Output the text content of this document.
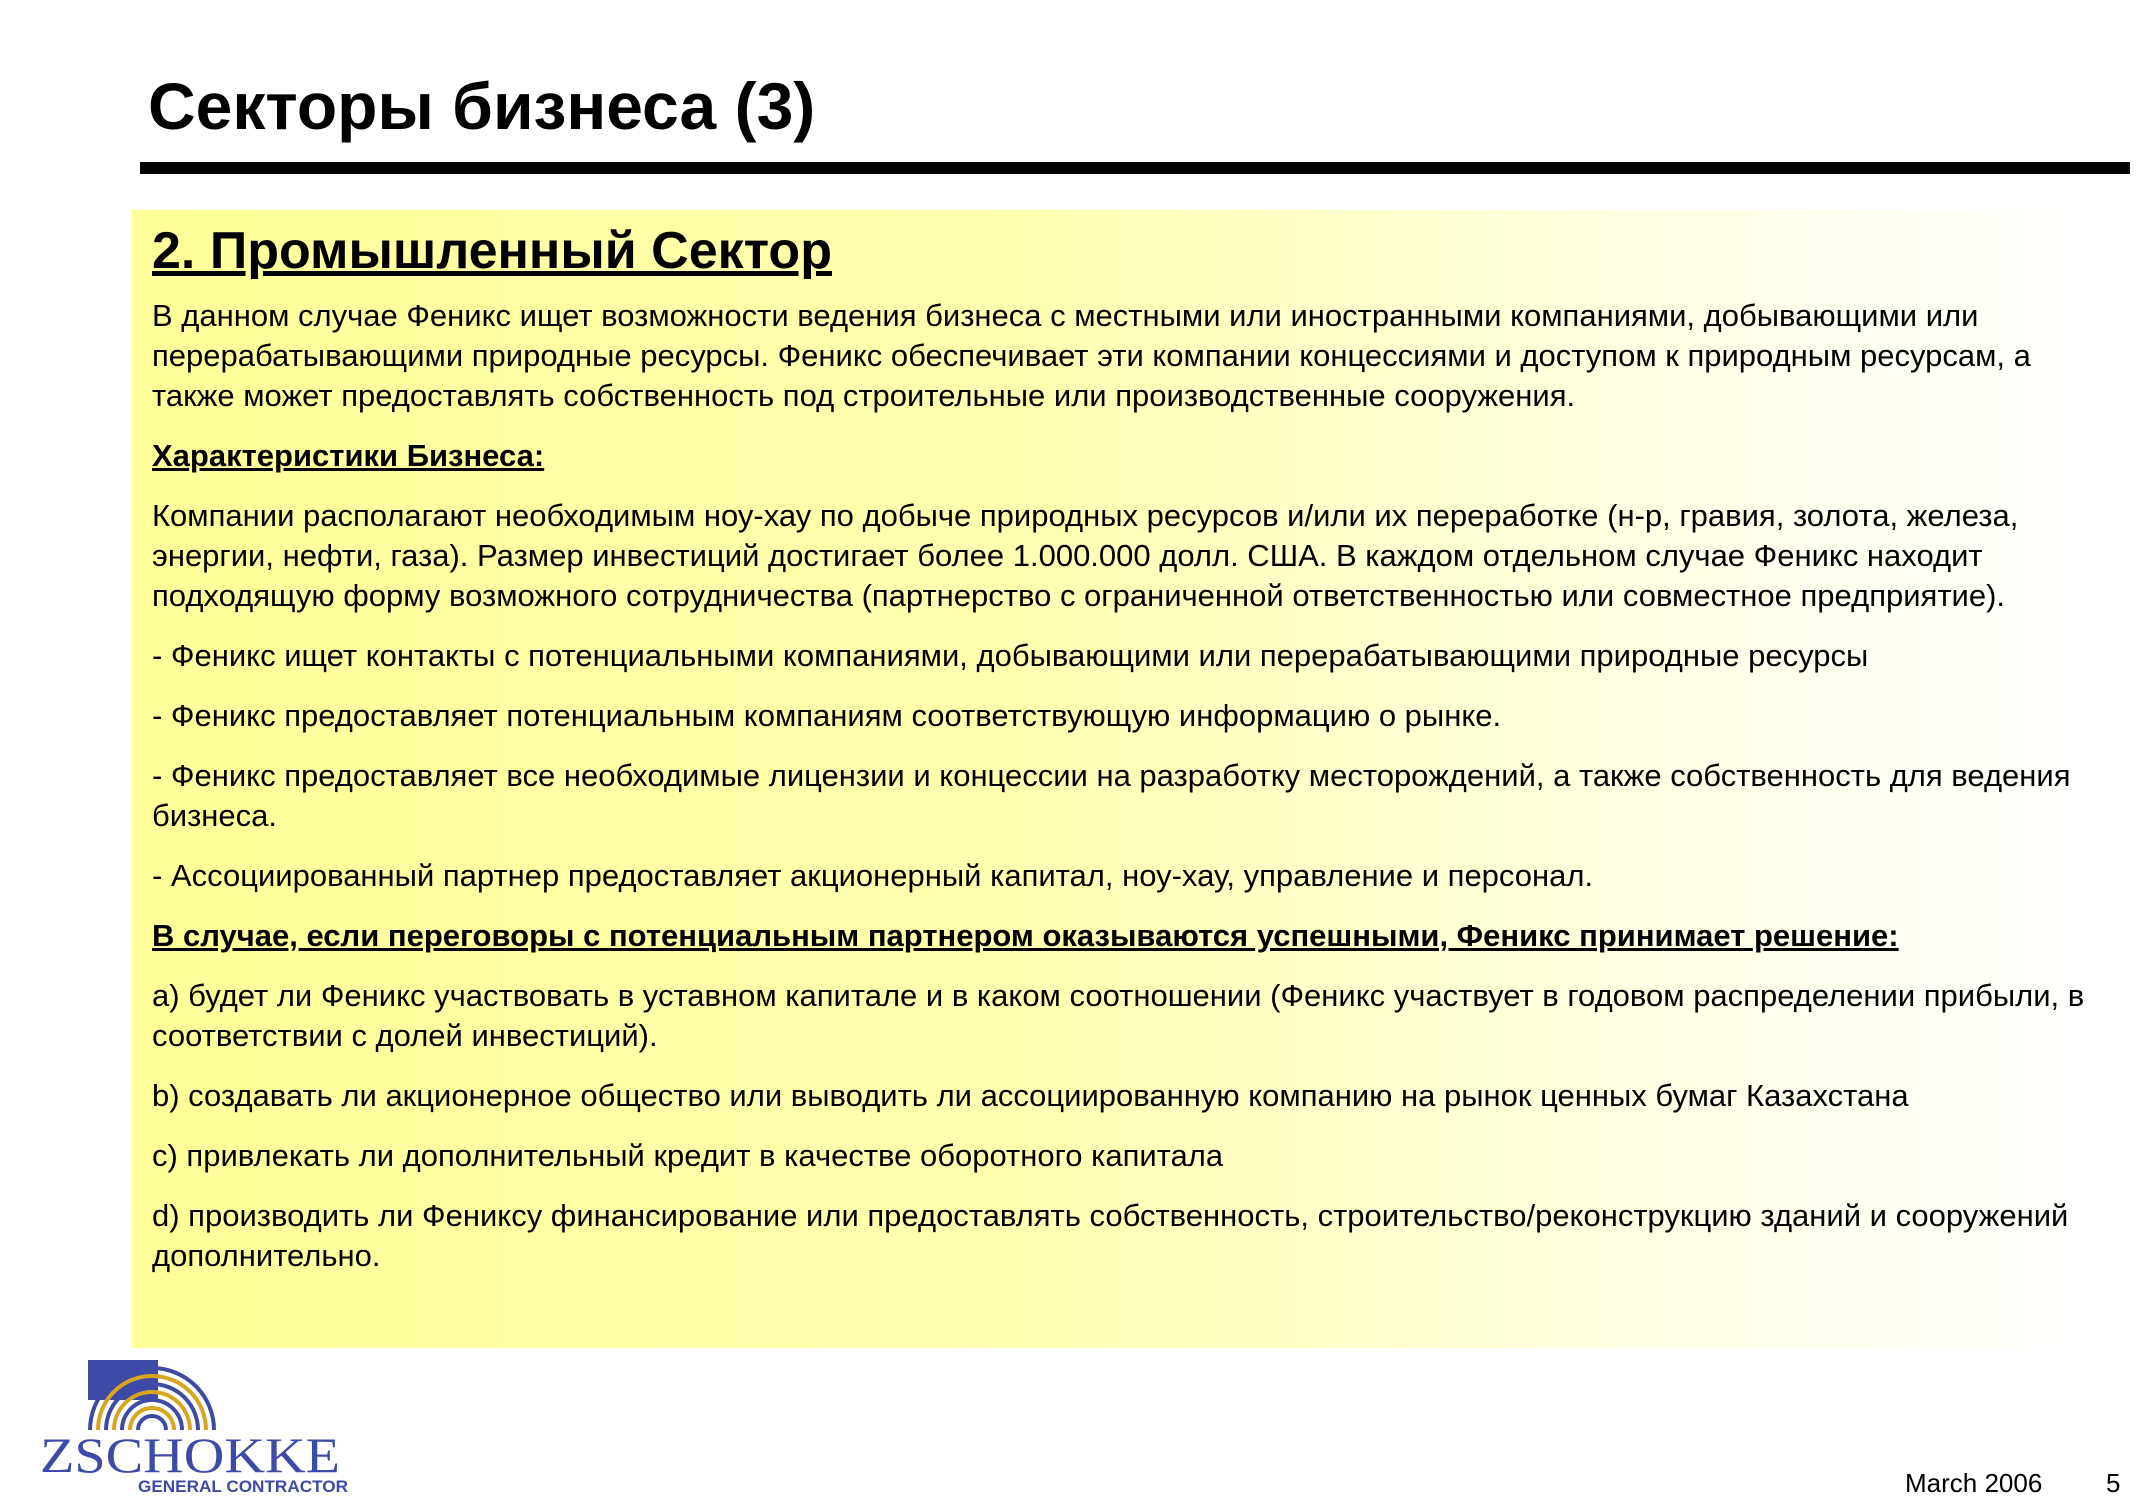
Секторы бизнеса (3)
2. Промышленный Сектор
В данном случае Феникс ищет возможности ведения бизнеса с местными или иностранными компаниями, добывающими или перерабатывающими природные ресурсы. Феникс обеспечивает эти компании концессиями и доступом к природным ресурсам, а также может предоставлять собственность под строительные или производственные сооружения.
Характеристики Бизнеса:
Компании располагают необходимым ноу-хау по добыче природных ресурсов и/или их переработке (н-р, гравия, золота, железа, энергии, нефти, газа). Размер инвестиций достигает более 1.000.000 долл. США. В каждом отдельном случае Феникс находит подходящую форму возможного сотрудничества (партнерство с ограниченной ответственностью или совместное предприятие).
- Феникс ищет контакты с потенциальными компаниями, добывающими или перерабатывающими природные ресурсы
- Феникс предоставляет потенциальным компаниям соответствующую информацию о рынке.
- Феникс предоставляет все необходимые лицензии и концессии на разработку месторождений, а также собственность для ведения бизнеса.
- Ассоциированный партнер предоставляет акционерный капитал, ноу-хау, управление и персонал.
В случае, если переговоры с потенциальным партнером оказываются успешными, Феникс принимает решение:
a) будет ли Феникс участвовать в уставном капитале и в каком соотношении (Феникс участвует в годовом распределении прибыли, в соответствии с долей инвестиций).
b) создавать ли акционерное общество или выводить ли ассоциированную компанию на рынок ценных бумаг Казахстана
c) привлекать ли дополнительный кредит в качестве оборотного капитала
d) производить ли Фениксу финансирование или предоставлять собственность, строительство/реконструкцию зданий и сооружений дополнительно.
ZSCHOKKE
GENERAL CONTRACTOR	March 2006 5
